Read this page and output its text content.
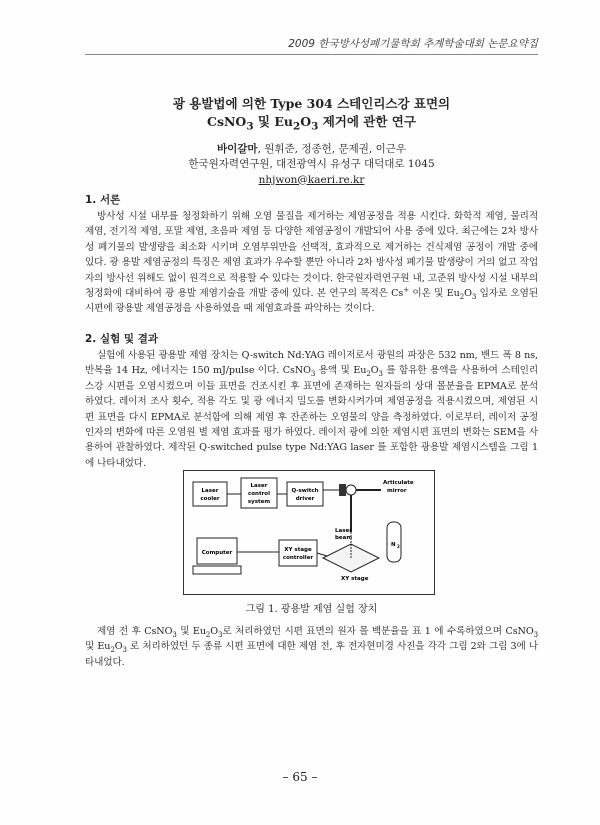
2009 한국방사성폐기물학회 추계학술대회 논문요약집
광 용발법에 의한 Type 304 스테인리스강 표면의
CsNO$_3$ 및 $Eu_2O_3$ 제거에 관한 연구
바이갈마, 원휘준, 정종헌, 문제권, 이근우
한국원자력연구원, 대전광역시 유성구 대덕대로 1045
nhjwon@kaeri.re.kr
1. 서론

방사성 시설 내부를 청정화하기 위해 오염 물질을 제거하는 제염공정을 적용 시킨다. 화학적 제염, 물리적 제염, 전기적 제염, 포말 제염, 초음파 제염 등 다양한 제염공정이 개발되어 사용 중에 있다. 최근에는 2차 방사성 폐기물의 발생량을 최소화 시키며 오염부위만을 선택적, 효과적으로 제거하는 건식제염 공정이 개발 중에 있다. 광 용발 제염공정의 특징은 제염 효과가 우수할 뿐만 아니라 2차 방사성 폐기물 발생량이 거의 없고 작업자의 방사선 위해도 없이 원격으로 적용할 수 있다는 것이다. 한국원자력연구원 내, 고준위 방사성 시설 내부의 청정화에 대비하여 광 용발 제염기술을 개발 중에 있다. 본 연구의 목적은 Cs+ 이온 및 $Eu_2O_3$ 입자로 오염된 시편에 광용발 제염공정을 사용하였을 때 제염효과를 파악하는 것이다.

2. 실험 및 결과

실험에 사용된 광용발 제염 장치는 Q-switch Nd:YAG 레이저로서 광원의 파장은 532 nm, 밴드 폭 8 ns, 반복율 14 Hz, 에너지는 150 mJ/pulse 이다. CsNO$_3$ 용액 및 $Eu_2O_3$ 를 함유한 용액을 사용하여 스테인리스강 시편을 오염시켰으며 이들 표면을 건조시킨 후 표면에 존재하는 원자들의 상대 몰분율을 EPMA로 분석하였다. 레이저 조사 횟수, 적용 각도 및 광 에너지 밀도를 변화시켜가며 제염공정을 적용시켰으며, 제염된 시편 표면을 다시 EPMA로 분석함에 의해 제염 후 잔존하는 오염물의 양을 측정하였다. 이로부터, 레이저 공정 인자의 변화에 따른 오염원 별 제염 효과를 평가 하였다. 레이저 광에 의한 제염시편 표면의 변화는 SEM을 사용하여 관찰하였다. 제작된 Q-switched pulse type Nd:YAG laser 를 포함한 광용발 제염시스템을 그림 1에 나타내었다.

Laser
cooler
Laser
control
system
Q-switch
driver
Articulate
mirror
Laser
beam
N 2
XY stage
Computer	XY stage
controller
그림 1. 광용발 제염 실험 장치

제염 전 후 CsNO$_3$ 및 $Eu_2O_3$로 처리하였던 시편 표면의 원자 몰 백분율을 표 1 에 수록하였으며 CsNO$_3$ 및 $Eu_2O_3$ 로 처리하였던 두 종류 시편 표면에 대한 제염 전, 후 전자현미경 사진을 각각 그림 2와 그림 3에 나타내었다.

– 65 –
